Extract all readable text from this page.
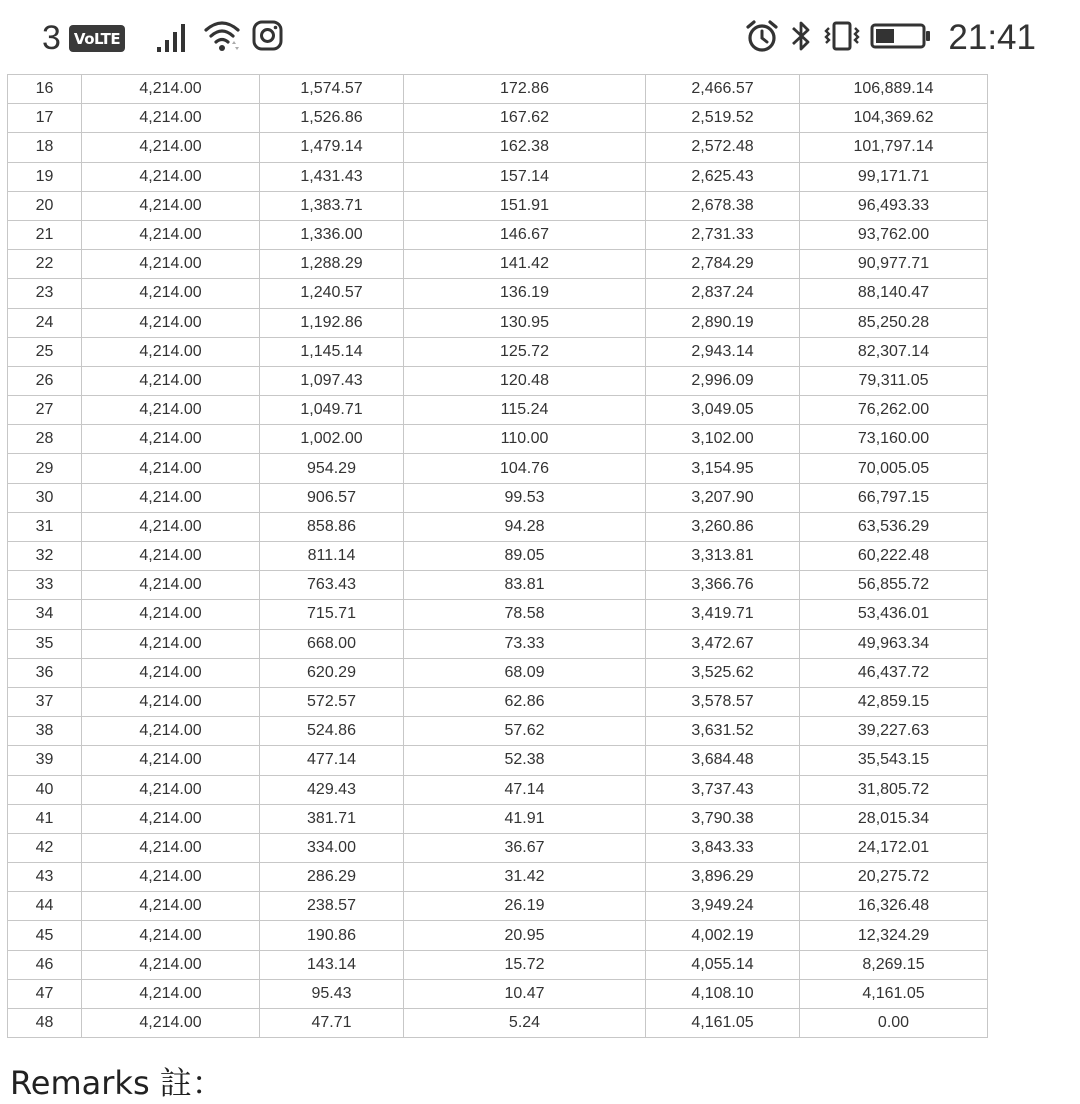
3 VoLTE	21:41
16	4,214.00	1,574.57	172.86	2,466.57	106,889.14
17	4,214.00	1,526.86	167.62	2,519.52	104,369.62
18	4,214.00	1,479.14	162.38	2,572.48	101,797.14
19	4,214.00	1,431.43	157.14	2,625.43	99,171.71
20	4,214.00	1,383.71	151.91	2,678.38	96,493.33
21	4,214.00	1,336.00	146.67	2,731.33	93,762.00
22	4,214.00	1,288.29	141.42	2,784.29	90,977.71
23	4,214.00	1,240.57	136.19	2,837.24	88,140.47
24	4,214.00	1,192.86	130.95	2,890.19	85,250.28
25	4,214.00	1,145.14	125.72	2,943.14	82,307.14
26	4,214.00	1,097.43	120.48	2,996.09	79,311.05
27	4,214.00	1,049.71	115.24	3,049.05	76,262.00
28	4,214.00	1,002.00	110.00	3,102.00	73,160.00
29	4,214.00	954.29	104.76	3,154.95	70,005.05
30	4,214.00	906.57	99.53	3,207.90	66,797.15
31	4,214.00	858.86	94.28	3,260.86	63,536.29
32	4,214.00	811.14	89.05	3,313.81	60,222.48
33	4,214.00	763.43	83.81	3,366.76	56,855.72
34	4,214.00	715.71	78.58	3,419.71	53,436.01
35	4,214.00	668.00	73.33	3,472.67	49,963.34
36	4,214.00	620.29	68.09	3,525.62	46,437.72
37	4,214.00	572.57	62.86	3,578.57	42,859.15
38	4,214.00	524.86	57.62	3,631.52	39,227.63
39	4,214.00	477.14	52.38	3,684.48	35,543.15
40	4,214.00	429.43	47.14	3,737.43	31,805.72
41	4,214.00	381.71	41.91	3,790.38	28,015.34
42	4,214.00	334.00	36.67	3,843.33	24,172.01
43	4,214.00	286.29	31.42	3,896.29	20,275.72
44	4,214.00	238.57	26.19	3,949.24	16,326.48
45	4,214.00	190.86	20.95	4,002.19	12,324.29
46	4,214.00	143.14	15.72	4,055.14	8,269.15
47	4,214.00	95.43	10.47	4,108.10	4,161.05
48	4,214.00	47.71	5.24	4,161.05	0.00
Remarks 註：
